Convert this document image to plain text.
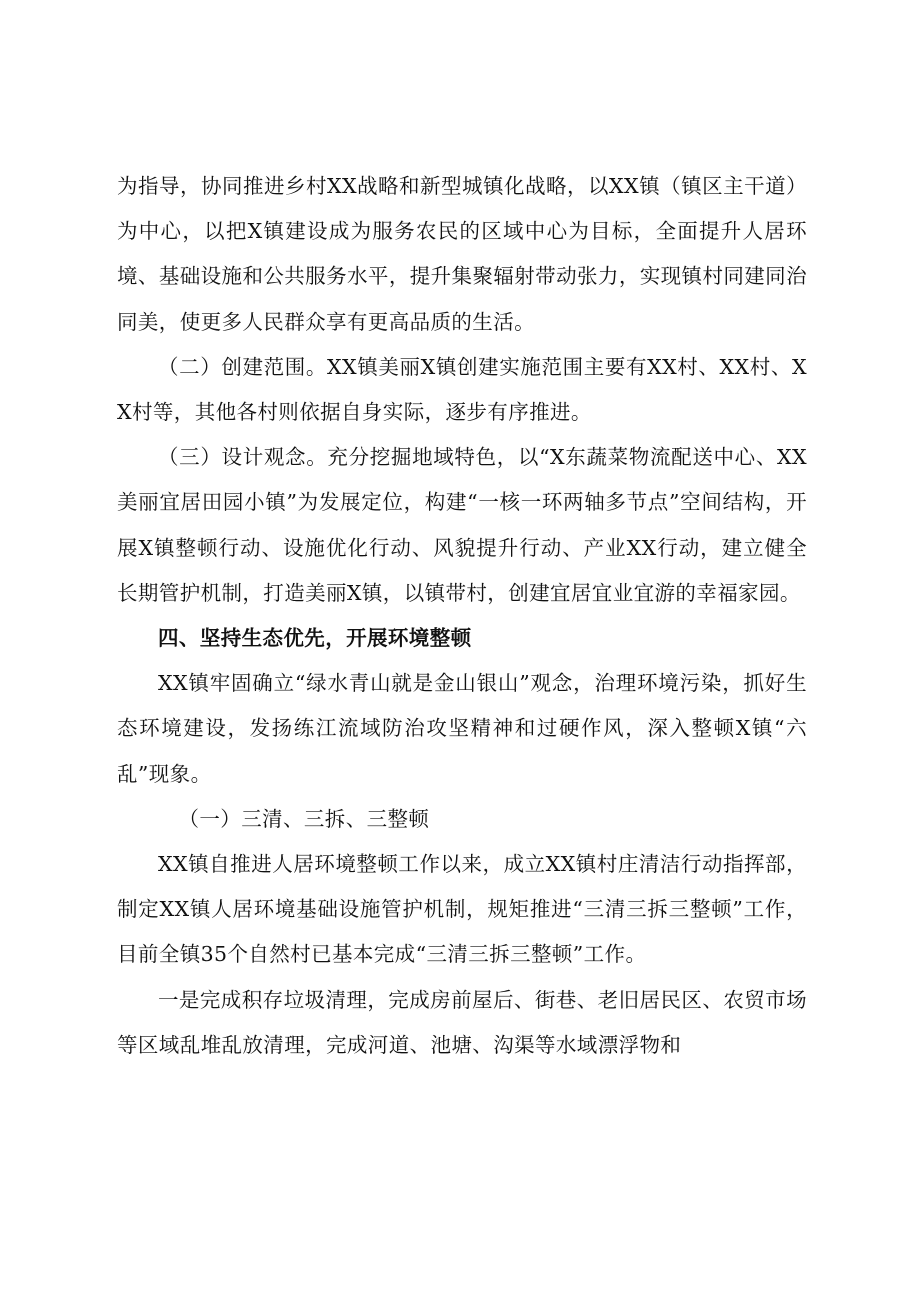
为指导，协同推进乡村XX战略和新型城镇化战略，以XX镇（镇区主干道）为中心，以把X镇建设成为服务农民的区域中心为目标，全面提升人居环境、基础设施和公共服务水平，提升集聚辐射带动张力，实现镇村同建同治同美，使更多人民群众享有更高品质的生活。

（二）创建范围。XX镇美丽X镇创建实施范围主要有XX村、XX村、XX村等，其他各村则依据自身实际，逐步有序推进。

（三）设计观念。充分挖掘地域特色，以“X东蔬菜物流配送中心、XX美丽宜居田园小镇”为发展定位，构建“一核一环两轴多节点”空间结构，开展X镇整顿行动、设施优化行动、风貌提升行动、产业XX行动，建立健全长期管护机制，打造美丽X镇，以镇带村，创建宜居宜业宜游的幸福家园。

四、坚持生态优先，开展环境整顿

XX镇牢固确立“绿水青山就是金山银山”观念，治理环境污染，抓好生态环境建设，发扬练江流域防治攻坚精神和过硬作风，深入整顿X镇“六乱”现象。

（一）三清、三拆、三整顿

XX镇自推进人居环境整顿工作以来，成立XX镇村庄清洁行动指挥部，制定XX镇人居环境基础设施管护机制，规矩推进“三清三拆三整顿”工作，目前全镇35个自然村已基本完成“三清三拆三整顿”工作。

一是完成积存垃圾清理，完成房前屋后、街巷、老旧居民区、农贸市场等区域乱堆乱放清理，完成河道、池塘、沟渠等水域漂浮物和
